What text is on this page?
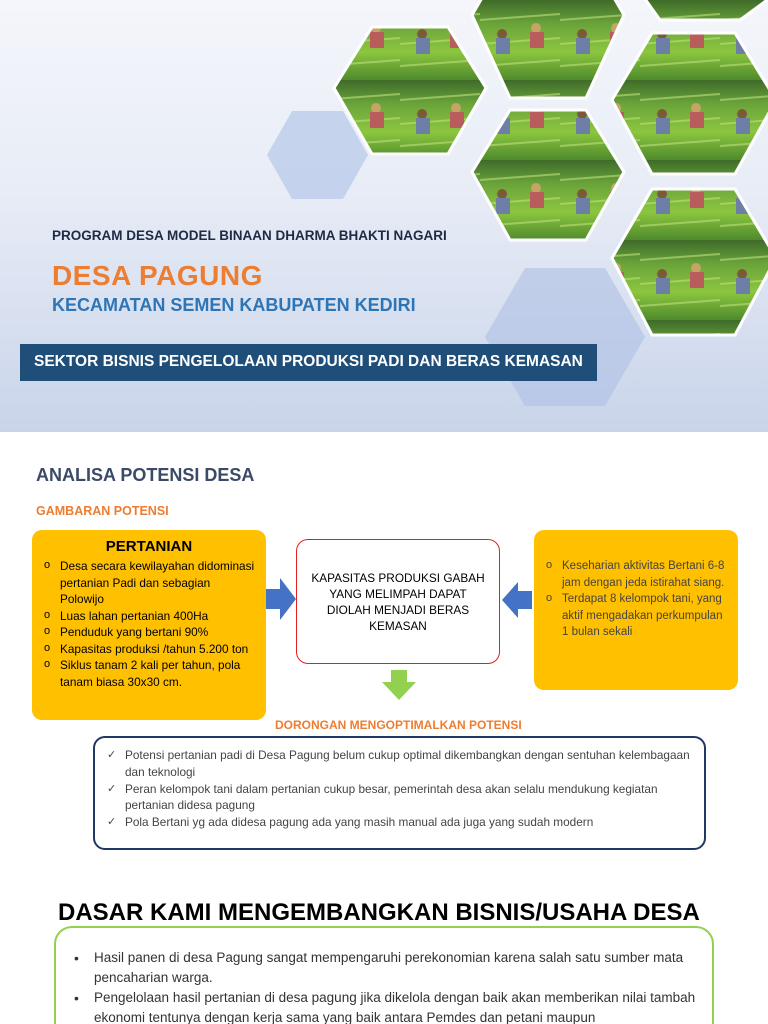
PROGRAM DESA MODEL BINAAN DHARMA BHAKTI NAGARI
DESA PAGUNG
KECAMATAN SEMEN KABUPATEN KEDIRI
SEKTOR BISNIS PENGELOLAAN PRODUKSI PADI DAN BERAS KEMASAN
ANALISA POTENSI DESA
GAMBARAN POTENSI
PERTANIAN
o Desa secara kewilayahan didominasi pertanian Padi dan sebagian Polowijo
o Luas lahan pertanian 400Ha
o Penduduk yang bertani 90%
o Kapasitas produksi /tahun 5.200 ton
o Siklus tanam 2 kali per tahun, pola tanam biasa 30x30 cm.
KAPASITAS PRODUKSI GABAH YANG MELIMPAH DAPAT DIOLAH MENJADI BERAS KEMASAN
o Keseharian aktivitas Bertani 6-8 jam dengan jeda istirahat siang.
o Terdapat 8 kelompok tani, yang aktif mengadakan perkumpulan 1 bulan sekali
DORONGAN MENGOPTIMALKAN POTENSI
✓ Potensi pertanian padi di Desa Pagung belum cukup optimal dikembangkan dengan sentuhan kelembagaan dan teknologi
✓ Peran kelompok tani dalam pertanian cukup besar, pemerintah desa akan selalu mendukung kegiatan pertanian didesa pagung
✓ Pola Bertani yg ada didesa pagung ada yang masih manual ada juga yang sudah modern
DASAR KAMI MENGEMBANGKAN BISNIS/USAHA DESA
• Hasil panen di desa Pagung sangat mempengaruhi perekonomian karena salah satu sumber mata pencaharian warga.
• Pengelolaan hasil pertanian di desa pagung jika dikelola dengan baik akan memberikan nilai tambah ekonomi tentunya dengan kerja sama yang baik antara Pemdes dan petani maupun
